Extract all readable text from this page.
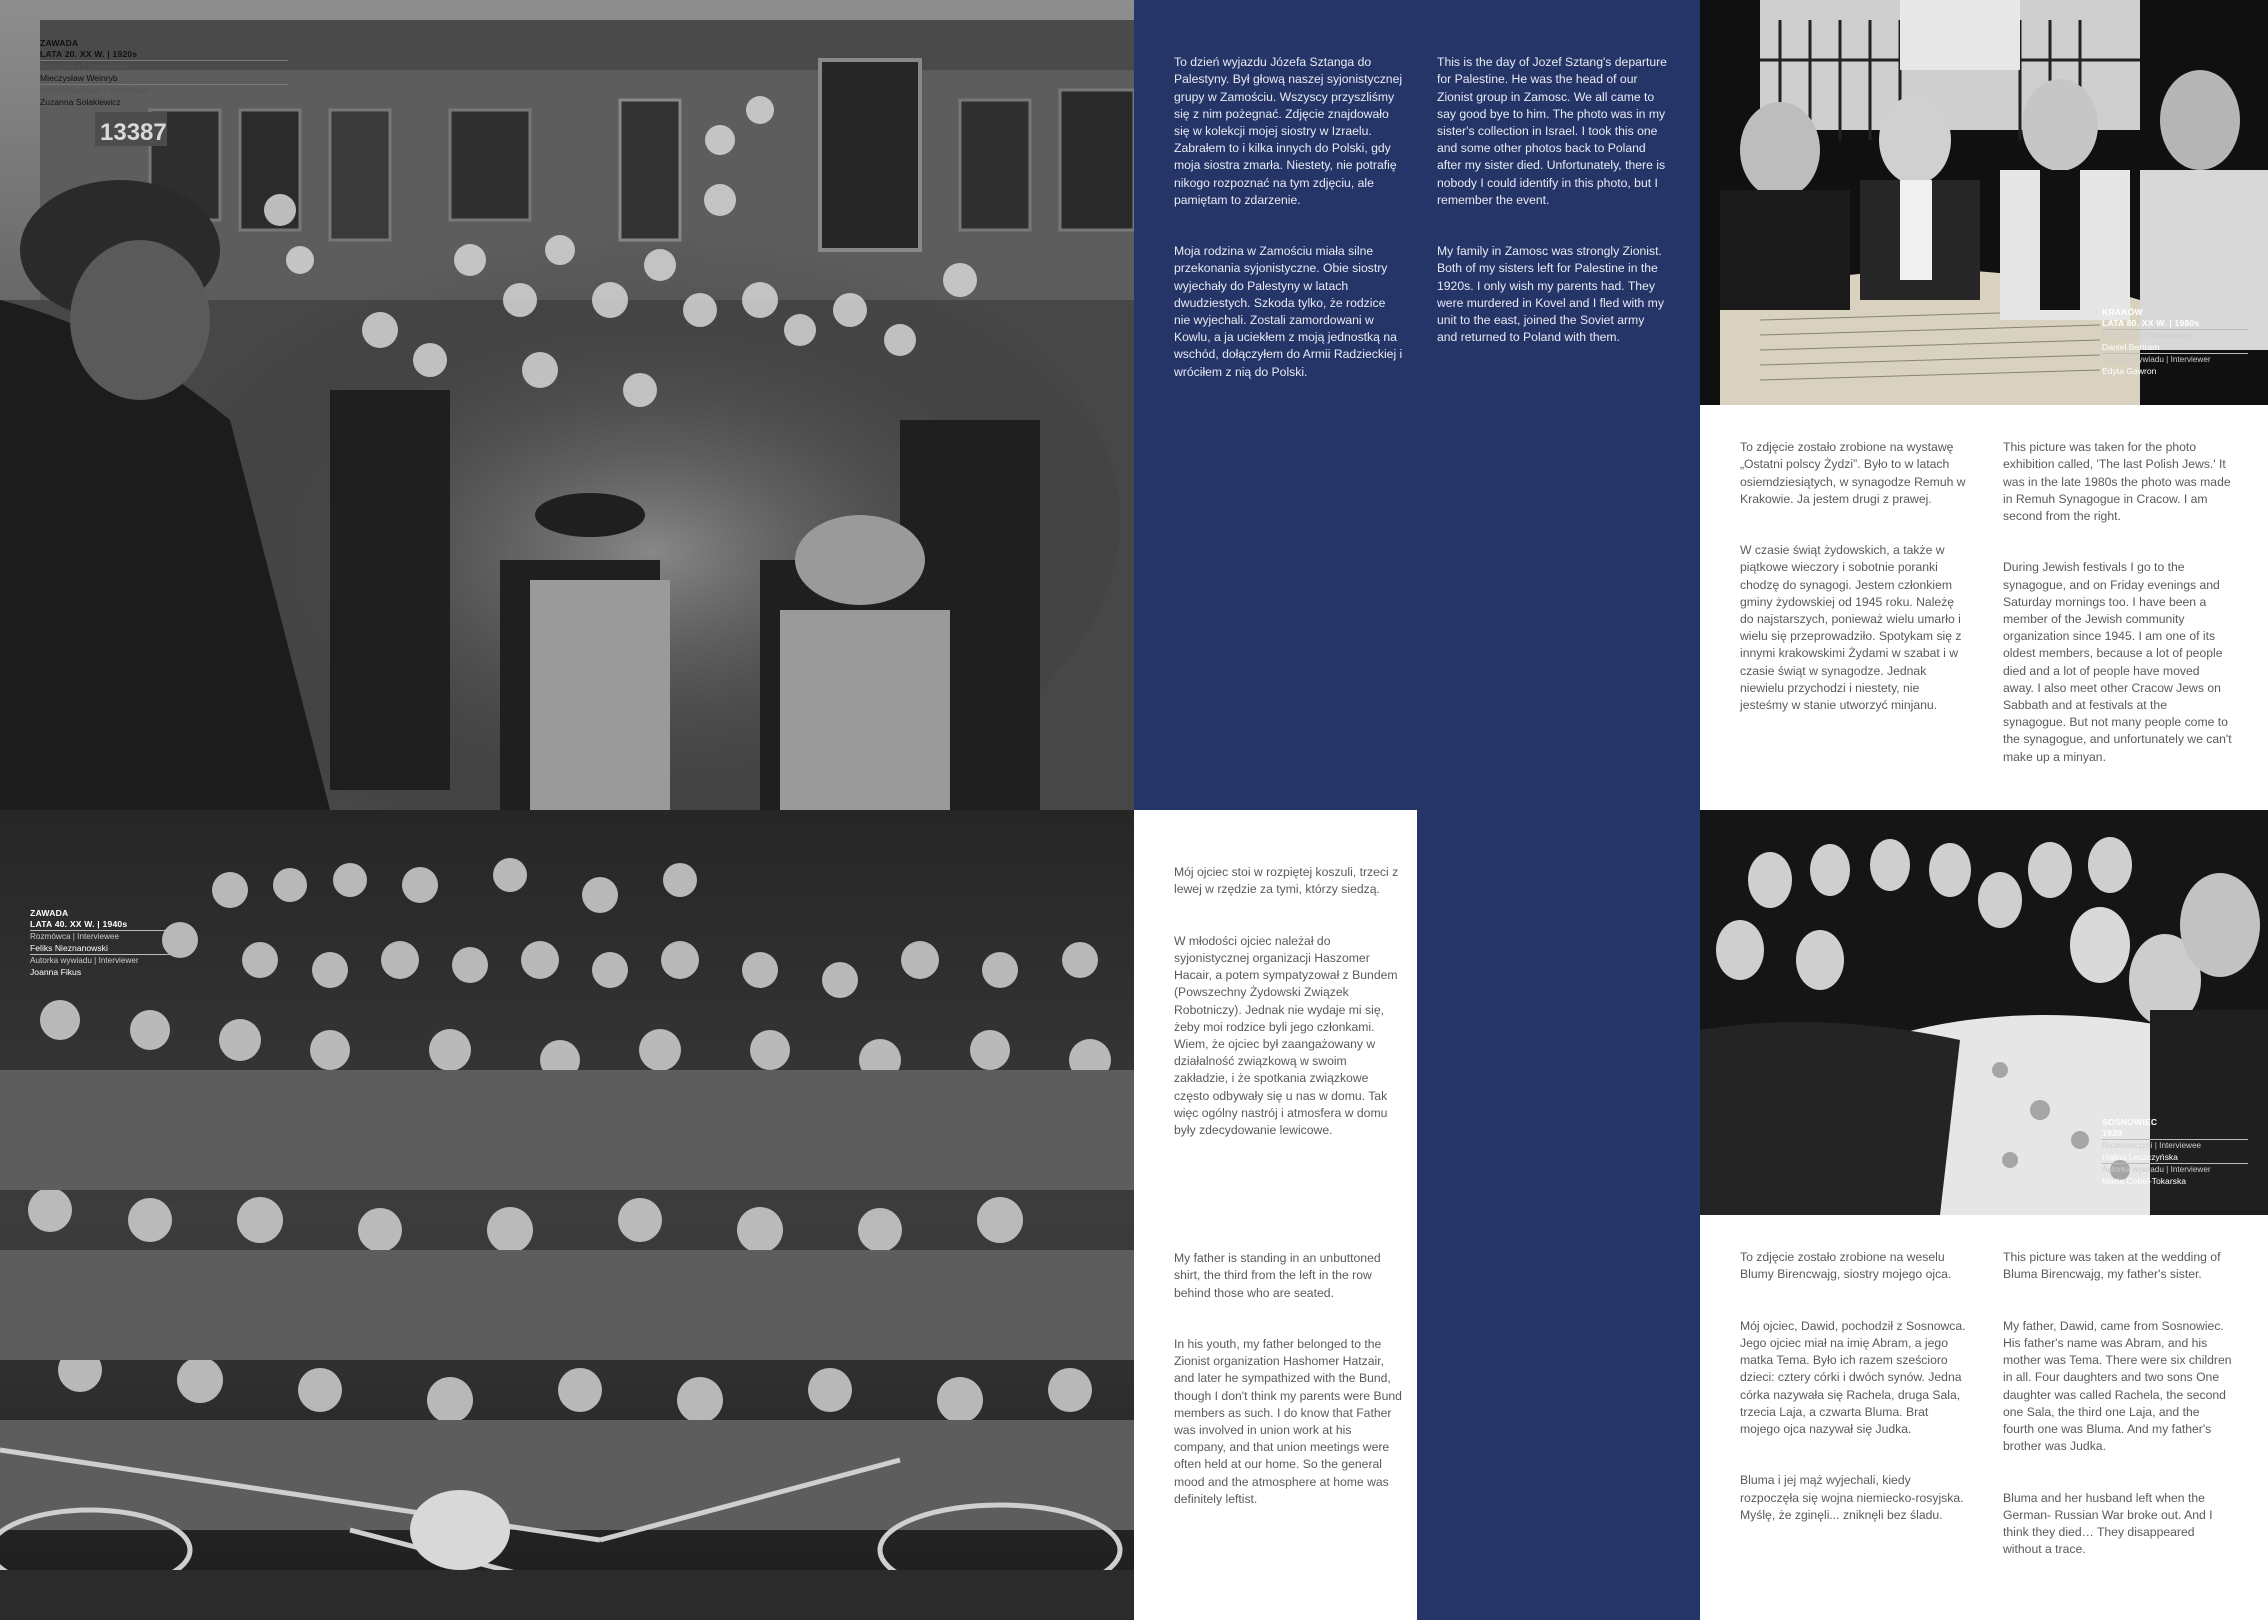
13387
ZAWADA
LATA 20. XX W. | 1920s
Rozmówca | Interviewee
Mieczysław Weinryb
Autorka wywiadu | Interviewer
Zuzanna Solakiewicz

To dzień wyjazdu Józefa Sztanga do Palestyny. Był głową naszej syjonistycznej grupy w Zamościu. Wszyscy przyszliśmy się z nim pożegnać. Zdjęcie znajdowało się w kolekcji mojej siostry w Izraelu. Zabrałem to i kilka innych do Polski, gdy moja siostra zmarła. Niestety, nie potrafię nikogo rozpoznać na tym zdjęciu, ale pamiętam to zdarzenie.

Moja rodzina w Zamościu miała silne przekonania syjonistyczne. Obie siostry wyjechały do Palestyny w latach dwudziestych. Szkoda tylko, że rodzice nie wyjechali. Zostali zamordowani w Kowlu, a ja uciekłem z moją jednostką na wschód, dołączyłem do Armii Radzieckiej i wróciłem z nią do Polski.

This is the day of Jozef Sztang's departure for Palestine. He was the head of our Zionist group in Zamosc. We all came to say good bye to him. The photo was in my sister's collection in Israel. I took this one and some other photos back to Poland after my sister died. Unfortunately, there is nobody I could identify in this photo, but I remember the event.

My family in Zamosc was strongly Zionist. Both of my sisters left for Palestine in the 1920s. I only wish my parents had. They were murdered in Kovel and I fled with my unit to the east, joined the Soviet army and returned to Poland with them.

KRAKÓW
LATA 80. XX W. | 1980s
Rozmówca | Interviewee
Daniel Bertram
Autorka wywiadu | Interviewer
Edyta Gawron

To zdjęcie zostało zrobione na wystawę „Ostatni polscy Żydzi”. Było to w latach osiemdziesiątych, w synagodze Remuh w Krakowie. Ja jestem drugi z prawej.

W czasie świąt żydowskich, a także w piątkowe wieczory i sobotnie poranki chodzę do synagogi. Jestem członkiem gminy żydowskiej od 1945 roku. Należę do najstarszych, ponieważ wielu umarło i wielu się przeprowadziło. Spotykam się z innymi krakowskimi Żydami w szabat i w czasie świąt w synagodze. Jednak niewielu przychodzi i niestety, nie jesteśmy w stanie utworzyć minjanu.

This picture was taken for the photo exhibition called, 'The last Polish Jews.' It was in the late 1980s the photo was made in Remuh Synagogue in Cracow. I am second from the right.

During Jewish festivals I go to the synagogue, and on Friday evenings and Saturday mornings too. I have been a member of the Jewish community organization since 1945. I am one of its oldest members, because a lot of people died and a lot of people have moved away. I also meet other Cracow Jews on Sabbath and at festivals at the synagogue. But not many people come to the synagogue, and unfortunately we can't make up a minyan.

ZAWADA
LATA 40. XX W. | 1940s
Rozmówca | Interviewee
Feliks Nieznanowski
Autorka wywiadu | Interviewer
Joanna Fikus

Mój ojciec stoi w rozpiętej koszuli, trzeci z lewej w rzędzie za tymi, którzy siedzą.

W młodości ojciec należał do syjonistycznej organizacji Haszomer Hacair, a potem sympatyzował z Bundem (Powszechny Żydowski Związek Robotniczy). Jednak nie wydaje mi się, żeby moi rodzice byli jego członkami. Wiem, że ojciec był zaangażowany w działalność związkową w swoim zakładzie, i że spotkania związkowe często odbywały się u nas w domu. Tak więc ogólny nastrój i atmosfera w domu były zdecydowanie lewicowe.

My father is standing in an unbuttoned shirt, the third from the left in the row behind those who are seated.

In his youth, my father belonged to the Zionist organization Hashomer Hatzair, and later he sympathized with the Bund, though I don't think my parents were Bund members as such. I do know that Father was involved in union work at his company, and that union meetings were often held at our home. So the general mood and the atmosphere at home was definitely leftist.

SOSNOWIEC
1939
Rozmówczyni | Interviewee
Halina Leszczyńska
Autorka wywiadu | Interviewer
Marta Cobel-Tokarska

To zdjęcie zostało zrobione na weselu Blumy Birencwajg, siostry mojego ojca.

Mój ojciec, Dawid, pochodził z Sosnowca. Jego ojciec miał na imię Abram, a jego matka Tema. Było ich razem sześcioro dzieci: cztery córki i dwóch synów. Jedna córka nazywała się Rachela, druga Sala, trzecia Laja, a czwarta Bluma. Brat mojego ojca nazywał się Judka.

Bluma i jej mąż wyjechali, kiedy rozpoczęła się wojna niemiecko-rosyjska. Myślę, że zginęli... zniknęli bez śladu.

This picture was taken at the wedding of Bluma Birencwajg, my father's sister.

My father, Dawid, came from Sosnowiec. His father's name was Abram, and his mother was Tema. There were six children in all. Four daughters and two sons One daughter was called Rachela, the second one Sala, the third one Laja, and the fourth one was Bluma. And my father's brother was Judka.

Bluma and her husband left when the German- Russian War broke out. And I think they died… They disappeared without a trace.
